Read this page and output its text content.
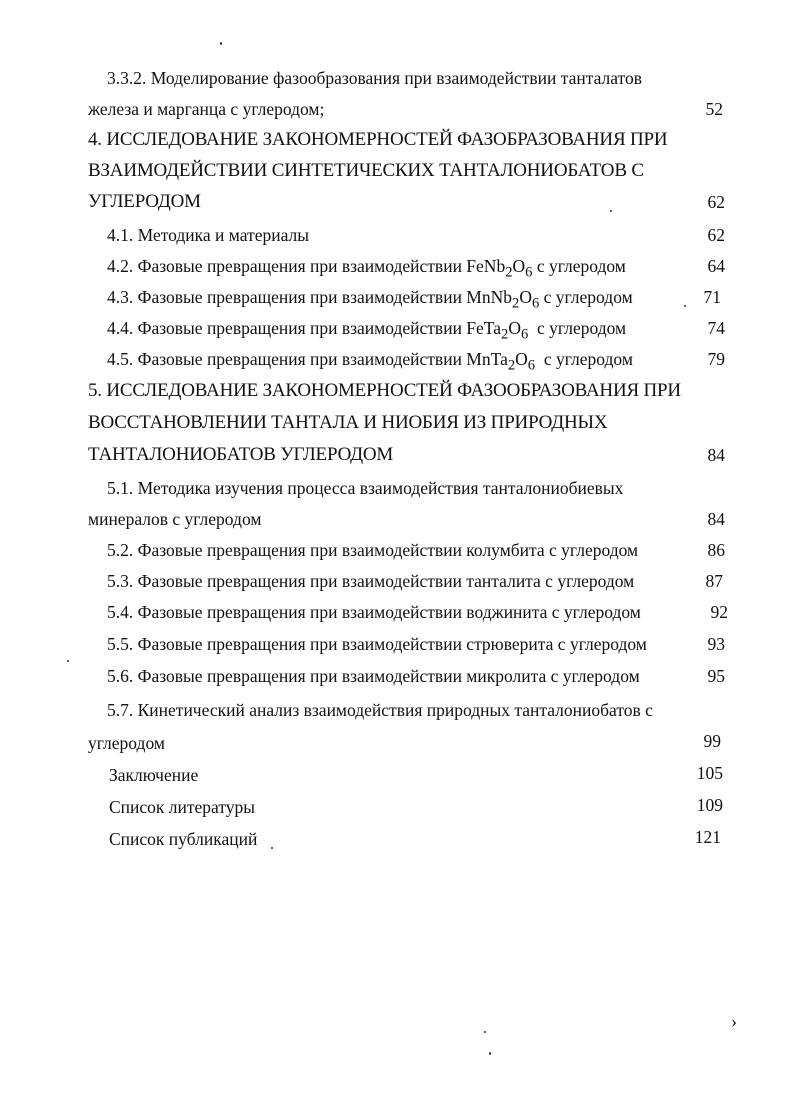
3.3.2. Моделирование фазообразования при взаимодействии танталатов
железа и марганца с углеродом;	52
4. ИССЛЕДОВАНИЕ ЗАКОНОМЕРНОСТЕЙ ФАЗОБРАЗОВАНИЯ ПРИ
ВЗАИМОДЕЙСТВИИ СИНТЕТИЧЕСКИХ ТАНТАЛОНИОБАТОВ С
УГЛЕРОДОМ	62
4.1. Методика и материалы	62
4.2. Фазовые превращения при взаимодействии $FeNb_2O_6$ с углеродом	64
4.3. Фазовые превращения при взаимодействии $MnNb_2O_6$ с углеродом	71
4.4. Фазовые превращения при взаимодействии $FeTa_2O_6$  с углеродом	74
4.5. Фазовые превращения при взаимодействии $MnTa_2O_6$  с углеродом	79
5. ИССЛЕДОВАНИЕ ЗАКОНОМЕРНОСТЕЙ ФАЗООБРАЗОВАНИЯ ПРИ
ВОССТАНОВЛЕНИИ ТАНТАЛА И НИОБИЯ ИЗ ПРИРОДНЫХ
ТАНТАЛОНИОБАТОВ УГЛЕРОДОМ	84
5.1. Методика изучения процесса взаимодействия танталониобиевых
минералов с углеродом	84
5.2. Фазовые превращения при взаимодействии колумбита с углеродом	86
5.3. Фазовые превращения при взаимодействии танталита с углеродом	87
5.4. Фазовые превращения при взаимодействии воджинита с углеродом	92
5.5. Фазовые превращения при взаимодействии стрюверита с углеродом	93
5.6. Фазовые превращения при взаимодействии микролита с углеродом	95
5.7. Кинетический анализ взаимодействия природных танталониобатов с
углеродом	99
Заключение	105
Список литературы	109
Список публикаций	121
›
